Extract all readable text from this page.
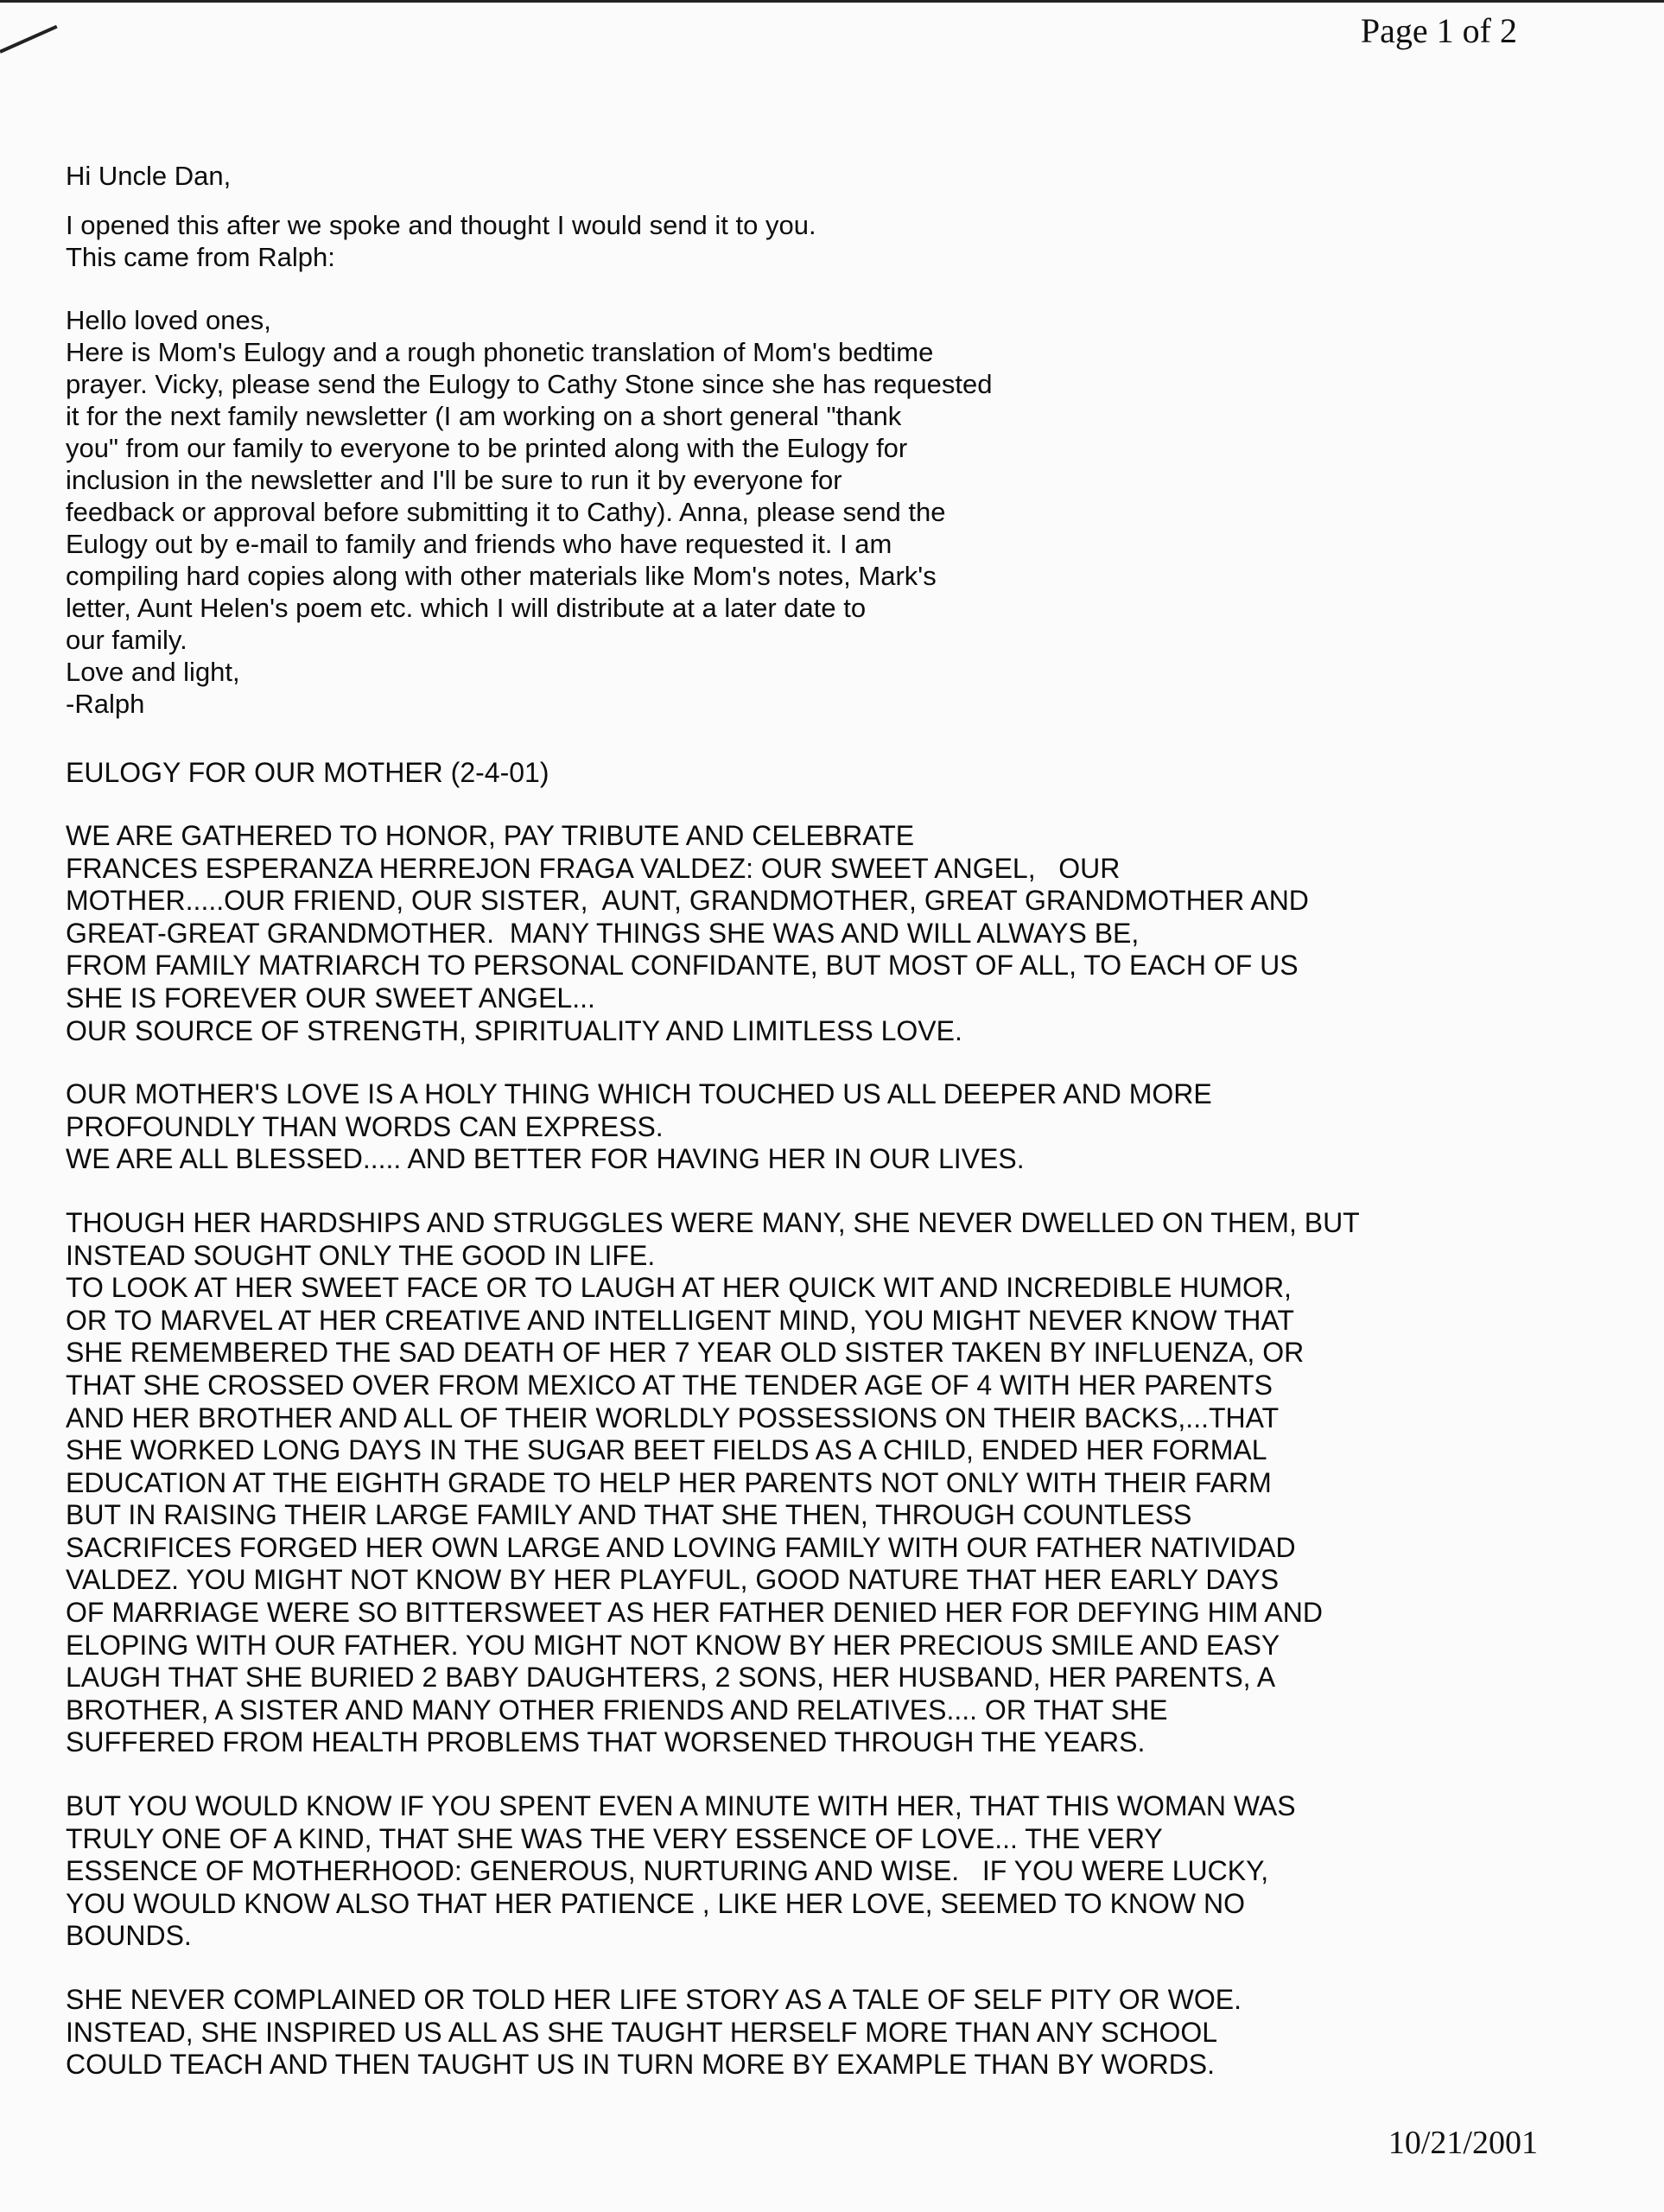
Page 1 of 2
Hi Uncle Dan,
I opened this after we spoke and thought I would send it to you.
This came from Ralph:
Hello loved ones,
Here is Mom's Eulogy and a rough phonetic translation of Mom's bedtime
prayer. Vicky, please send the Eulogy to Cathy Stone since she has requested
it for the next family newsletter (I am working on a short general "thank
you" from our family to everyone to be printed along with the Eulogy for
inclusion in the newsletter and I'll be sure to run it by everyone for
feedback or approval before submitting it to Cathy). Anna, please send the
Eulogy out by e-mail to family and friends who have requested it. I am
compiling hard copies along with other materials like Mom's notes, Mark's
letter, Aunt Helen's poem etc. which I will distribute at a later date to
our family.
Love and light,
-Ralph
EULOGY FOR OUR MOTHER (2-4-01)
WE ARE GATHERED TO HONOR, PAY TRIBUTE AND CELEBRATE
FRANCES ESPERANZA HERREJON FRAGA VALDEZ: OUR SWEET ANGEL,   OUR
MOTHER.....OUR FRIEND, OUR SISTER,  AUNT, GRANDMOTHER, GREAT GRANDMOTHER AND
GREAT-GREAT GRANDMOTHER.  MANY THINGS SHE WAS AND WILL ALWAYS BE,
FROM FAMILY MATRIARCH TO PERSONAL CONFIDANTE, BUT MOST OF ALL, TO EACH OF US
SHE IS FOREVER OUR SWEET ANGEL...
OUR SOURCE OF STRENGTH, SPIRITUALITY AND LIMITLESS LOVE.
OUR MOTHER'S LOVE IS A HOLY THING WHICH TOUCHED US ALL DEEPER AND MORE
PROFOUNDLY THAN WORDS CAN EXPRESS.
WE ARE ALL BLESSED..... AND BETTER FOR HAVING HER IN OUR LIVES.
THOUGH HER HARDSHIPS AND STRUGGLES WERE MANY, SHE NEVER DWELLED ON THEM, BUT
INSTEAD SOUGHT ONLY THE GOOD IN LIFE.
TO LOOK AT HER SWEET FACE OR TO LAUGH AT HER QUICK WIT AND INCREDIBLE HUMOR,
OR TO MARVEL AT HER CREATIVE AND INTELLIGENT MIND, YOU MIGHT NEVER KNOW THAT
SHE REMEMBERED THE SAD DEATH OF HER 7 YEAR OLD SISTER TAKEN BY INFLUENZA, OR
THAT SHE CROSSED OVER FROM MEXICO AT THE TENDER AGE OF 4 WITH HER PARENTS
AND HER BROTHER AND ALL OF THEIR WORLDLY POSSESSIONS ON THEIR BACKS,...THAT
SHE WORKED LONG DAYS IN THE SUGAR BEET FIELDS AS A CHILD, ENDED HER FORMAL
EDUCATION AT THE EIGHTH GRADE TO HELP HER PARENTS NOT ONLY WITH THEIR FARM
BUT IN RAISING THEIR LARGE FAMILY AND THAT SHE THEN, THROUGH COUNTLESS
SACRIFICES FORGED HER OWN LARGE AND LOVING FAMILY WITH OUR FATHER NATIVIDAD
VALDEZ. YOU MIGHT NOT KNOW BY HER PLAYFUL, GOOD NATURE THAT HER EARLY DAYS
OF MARRIAGE WERE SO BITTERSWEET AS HER FATHER DENIED HER FOR DEFYING HIM AND
ELOPING WITH OUR FATHER. YOU MIGHT NOT KNOW BY HER PRECIOUS SMILE AND EASY
LAUGH THAT SHE BURIED 2 BABY DAUGHTERS, 2 SONS, HER HUSBAND, HER PARENTS, A
BROTHER, A SISTER AND MANY OTHER FRIENDS AND RELATIVES.... OR THAT SHE
SUFFERED FROM HEALTH PROBLEMS THAT WORSENED THROUGH THE YEARS.
BUT YOU WOULD KNOW IF YOU SPENT EVEN A MINUTE WITH HER, THAT THIS WOMAN WAS
TRULY ONE OF A KIND, THAT SHE WAS THE VERY ESSENCE OF LOVE... THE VERY
ESSENCE OF MOTHERHOOD: GENEROUS, NURTURING AND WISE.   IF YOU WERE LUCKY,
YOU WOULD KNOW ALSO THAT HER PATIENCE , LIKE HER LOVE, SEEMED TO KNOW NO
BOUNDS.
SHE NEVER COMPLAINED OR TOLD HER LIFE STORY AS A TALE OF SELF PITY OR WOE.
INSTEAD, SHE INSPIRED US ALL AS SHE TAUGHT HERSELF MORE THAN ANY SCHOOL
COULD TEACH AND THEN TAUGHT US IN TURN MORE BY EXAMPLE THAN BY WORDS.
10/21/2001
